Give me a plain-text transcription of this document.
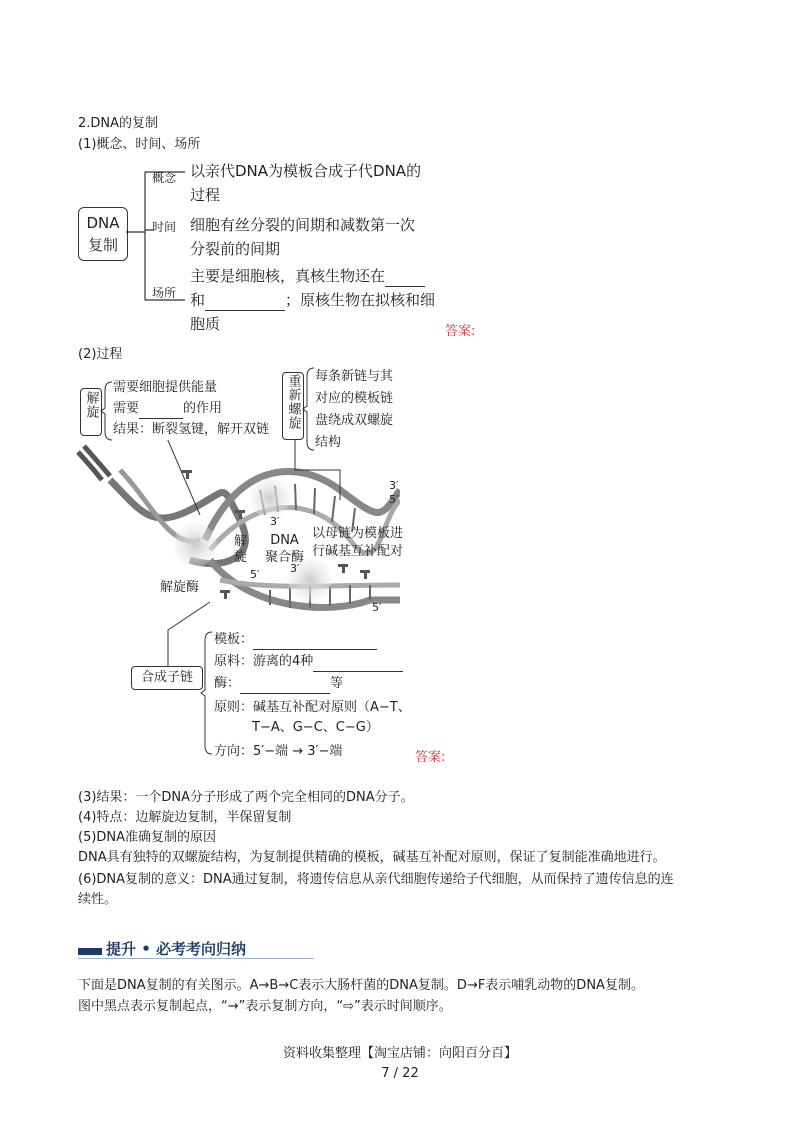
2.DNA的复制
(1)概念、时间、场所
DNA
复制
概念 以亲代DNA为模板合成子代DNA的
过程
时间 细胞有丝分裂的间期和减数第一次
分裂前的间期
场所
主要是细胞核，真核生物还在
和	；原核生物在拟核和细
胞质	答案:
(2)过程
解旋
需要细胞提供能量
需要	的作用
结果：断裂氢键，解开双链 重新螺旋 每条新链与其
对应的模板链
盘绕成双螺旋
结构
解旋
DNA
聚合酶
解旋酶
以母链为模板进
行碱基互补配对
3′
5′
3′
5′	3′
5′
合成子链
模板：
原料：游离的4种
酶：	等
原则：碱基互补配对原则（A−T、
T−A、G−C、C−G）
方向：5′−端 → 3′−端	答案:
(3)结果：一个DNA分子形成了两个完全相同的DNA分子。
(4)特点：边解旋边复制，半保留复制
(5)DNA准确复制的原因
DNA具有独特的双螺旋结构，为复制提供精确的模板，碱基互补配对原则，保证了复制能准确地进行。
(6)DNA复制的意义：DNA通过复制，将遗传信息从亲代细胞传递给子代细胞，从而保持了遗传信息的连
续性。
提升 • 必考考向归纳
下面是DNA复制的有关图示。A→B→C表示大肠杆菌的DNA复制。D→F表示哺乳动物的DNA复制。
图中黑点表示复制起点，“→”表示复制方向，“⇨”表示时间顺序。
资料收集整理【淘宝店铺：向阳百分百】
7 / 22
